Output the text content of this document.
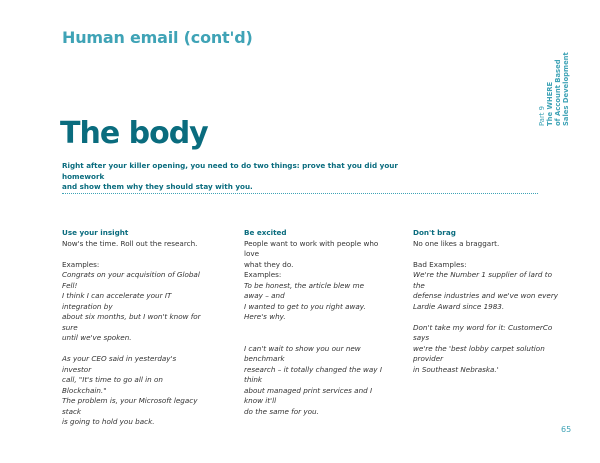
Human email (cont'd)
Part 9 The WHERE of Account Based Sales Development
The body
Right after your killer opening, you need to do two things: prove that you did your homework
and show them why they should stay with you.
Use your insight
Now's the time. Roll out the research.
Examples:
Congrats on your acquisition of Global Fell!
I think I can accelerate your IT integration by
about six months, but I won't know for sure
until we've spoken.
As your CEO said in yesterday's investor
call, "It's time to go all in on Blockchain."
The problem is, your Microsoft legacy stack
is going to hold you back.
Be excited
People want to work with people who love
what they do.
Examples:
To be honest, the article blew me away – and
I wanted to get to you right away. Here's why.
I can't wait to show you our new benchmark
research – it totally changed the way I think
about managed print services and I know it'll
do the same for you.
Don't brag
No one likes a braggart.
Bad Examples:
We're the Number 1 supplier of lard to the
defense industries and we've won every
Lardie Award since 1983.
Don't take my word for it: CustomerCo says
we're the 'best lobby carpet solution provider
in Southeast Nebraska.'
65
